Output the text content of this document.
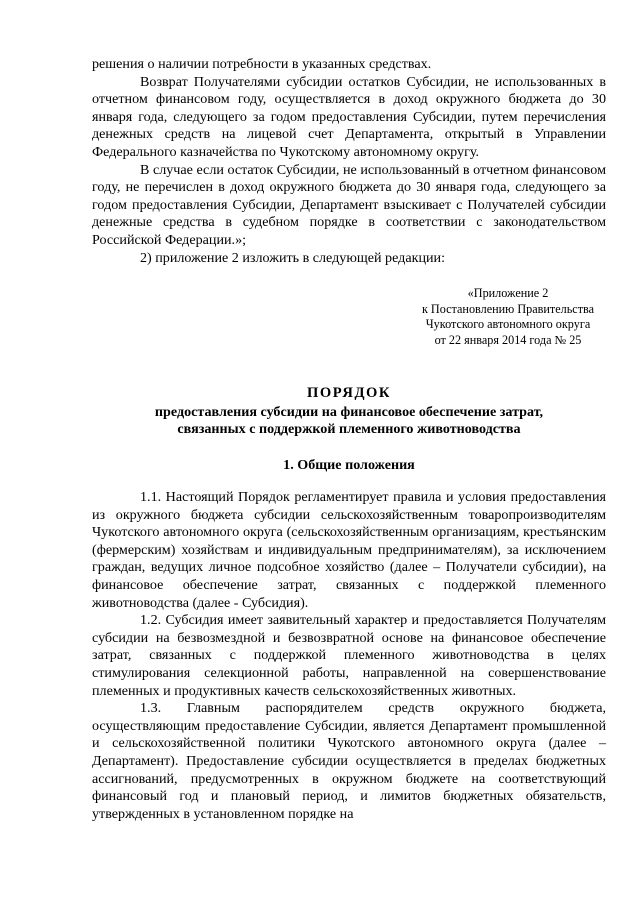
решения о наличии потребности в указанных средствах.

Возврат Получателями субсидии остатков Субсидии, не использованных в отчетном финансовом году, осуществляется в доход окружного бюджета до 30 января года, следующего за годом предоставления Субсидии, путем перечисления денежных средств на лицевой счет Департамента, открытый в Управлении Федерального казначейства по Чукотскому автономному округу.

В случае если остаток Субсидии, не использованный в отчетном финансовом году, не перечислен в доход окружного бюджета до 30 января года, следующего за годом предоставления Субсидии, Департамент взыскивает с Получателей субсидии денежные средства в судебном порядке в соответствии с законодательством Российской Федерации.»;

2) приложение 2 изложить в следующей редакции:

«Приложение 2
к Постановлению Правительства
Чукотского автономного округа
от 22 января 2014 года № 25
ПОРЯДОК
предоставления субсидии на финансовое обеспечение затрат,
связанных с поддержкой племенного животноводства
1. Общие положения

1.1. Настоящий Порядок регламентирует правила и условия предоставления из окружного бюджета субсидии сельскохозяйственным товаропроизводителям Чукотского автономного округа (сельскохозяйственным организациям, крестьянским (фермерским) хозяйствам и индивидуальным предпринимателям), за исключением граждан, ведущих личное подсобное хозяйство (далее – Получатели субсидии), на финансовое обеспечение затрат, связанных с поддержкой племенного животноводства (далее - Субсидия).

1.2. Субсидия имеет заявительный характер и предоставляется Получателям субсидии на безвозмездной и безвозвратной основе на финансовое обеспечение затрат, связанных с поддержкой племенного животноводства в целях стимулирования селекционной работы, направленной на совершенствование племенных и продуктивных качеств сельскохозяйственных животных.

1.3. Главным распорядителем средств окружного бюджета, осуществляющим предоставление Субсидии, является Департамент промышленной и сельскохозяйственной политики Чукотского автономного округа (далее – Департамент). Предоставление субсидии осуществляется в пределах бюджетных ассигнований, предусмотренных в окружном бюджете на соответствующий финансовый год и плановый период, и лимитов бюджетных обязательств, утвержденных в установленном порядке на
